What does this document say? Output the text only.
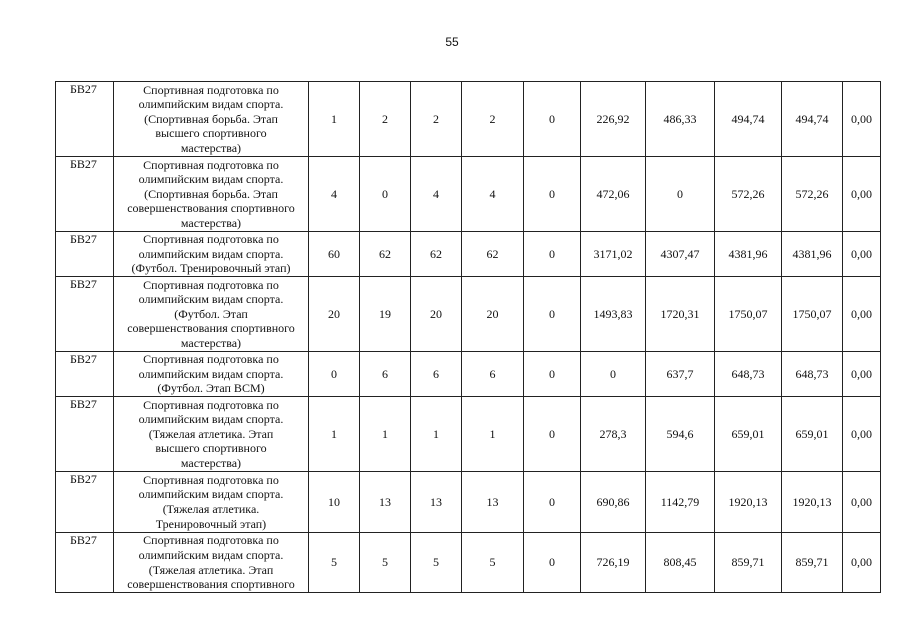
55
БВ27	Спортивная подготовка по
олимпийским видам спорта.
(Спортивная борьба. Этап
высшего спортивного
мастерства)	1	2	2	2	0	226,92	486,33	494,74	494,74	0,00
БВ27	Спортивная подготовка по
олимпийским видам спорта.
(Спортивная борьба. Этап
совершенствования спортивного
мастерства)	4	0	4	4	0	472,06	0	572,26	572,26	0,00
БВ27	Спортивная подготовка по
олимпийским видам спорта.
(Футбол. Тренировочный этап)	60	62	62	62	0	3171,02	4307,47	4381,96	4381,96	0,00
БВ27	Спортивная подготовка по
олимпийским видам спорта.
(Футбол. Этап
совершенствования спортивного
мастерства)	20	19	20	20	0	1493,83	1720,31	1750,07	1750,07	0,00
БВ27	Спортивная подготовка по
олимпийским видам спорта.
(Футбол. Этап ВСМ)	0	6	6	6	0	0	637,7	648,73	648,73	0,00
БВ27	Спортивная подготовка по
олимпийским видам спорта.
(Тяжелая атлетика. Этап
высшего спортивного
мастерства)	1	1	1	1	0	278,3	594,6	659,01	659,01	0,00
БВ27	Спортивная подготовка по
олимпийским видам спорта.
(Тяжелая атлетика.
Тренировочный этап)	10	13	13	13	0	690,86	1142,79	1920,13	1920,13	0,00
БВ27	Спортивная подготовка по
олимпийским видам спорта.
(Тяжелая атлетика. Этап
совершенствования спортивного	5	5	5	5	0	726,19	808,45	859,71	859,71	0,00
